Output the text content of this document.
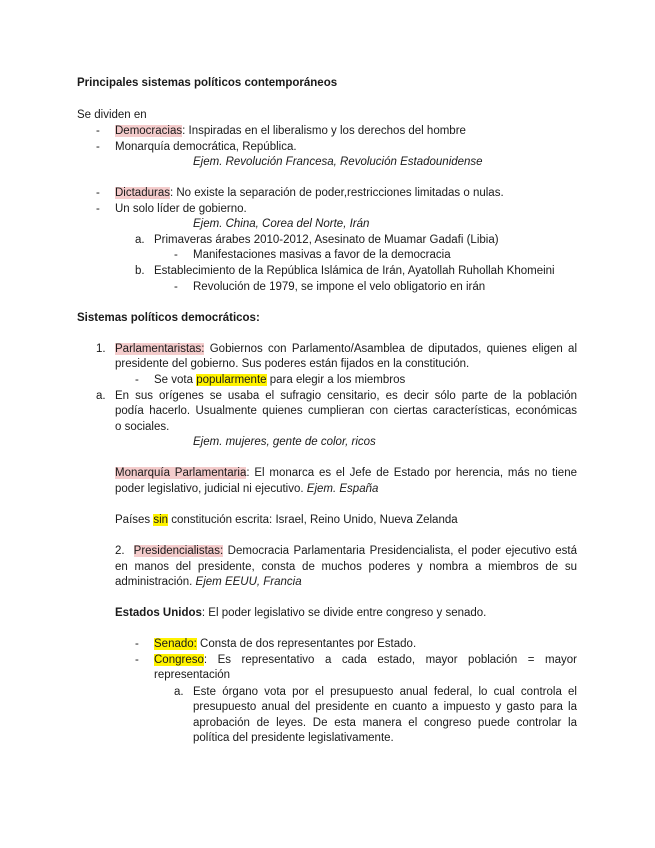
Principales sistemas políticos contemporáneos
Se dividen en
- Democracias: Inspiradas en el liberalismo y los derechos del hombre
- Monarquía democrática, República.
Ejem. Revolución Francesa, Revolución Estadounidense
- Dictaduras: No existe la separación de poder,restricciones limitadas o nulas.
- Un solo líder de gobierno.
Ejem. China, Corea del Norte, Irán
a. Primaveras árabes 2010-2012, Asesinato de Muamar Gadafi (Libia)
- Manifestaciones masivas a favor de la democracia
b. Establecimiento de la República Islámica de Irán, Ayatollah Ruhollah Khomeini
- Revolución de 1979, se impone el velo obligatorio en irán
Sistemas políticos democráticos:
1. Parlamentaristas: Gobiernos con Parlamento/Asamblea de diputados, quienes eligen al
presidente del gobierno. Sus poderes están fijados en la constitución.
- Se vota popularmente para elegir a los miembros
a. En sus orígenes se usaba el sufragio censitario, es decir sólo parte de la población
podía hacerlo. Usualmente quienes cumplieran con ciertas características, económicas
o sociales.
Ejem. mujeres, gente de color, ricos
Monarquía Parlamentaria: El monarca es el Jefe de Estado por herencia, más no tiene
poder legislativo, judicial ni ejecutivo. Ejem. España
Países sin constitución escrita: Israel, Reino Unido, Nueva Zelanda
2. Presidencialistas: Democracia Parlamentaria Presidencialista, el poder ejecutivo está
en manos del presidente, consta de muchos poderes y nombra a miembros de su
administración. Ejem EEUU, Francia
Estados Unidos: El poder legislativo se divide entre congreso y senado.
- Senado: Consta de dos representantes por Estado.
- Congreso: Es representativo a cada estado, mayor población = mayor
representación
a. Este órgano vota por el presupuesto anual federal, lo cual controla el
presupuesto anual del presidente en cuanto a impuesto y gasto para la
aprobación de leyes. De esta manera el congreso puede controlar la
política del presidente legislativamente.
